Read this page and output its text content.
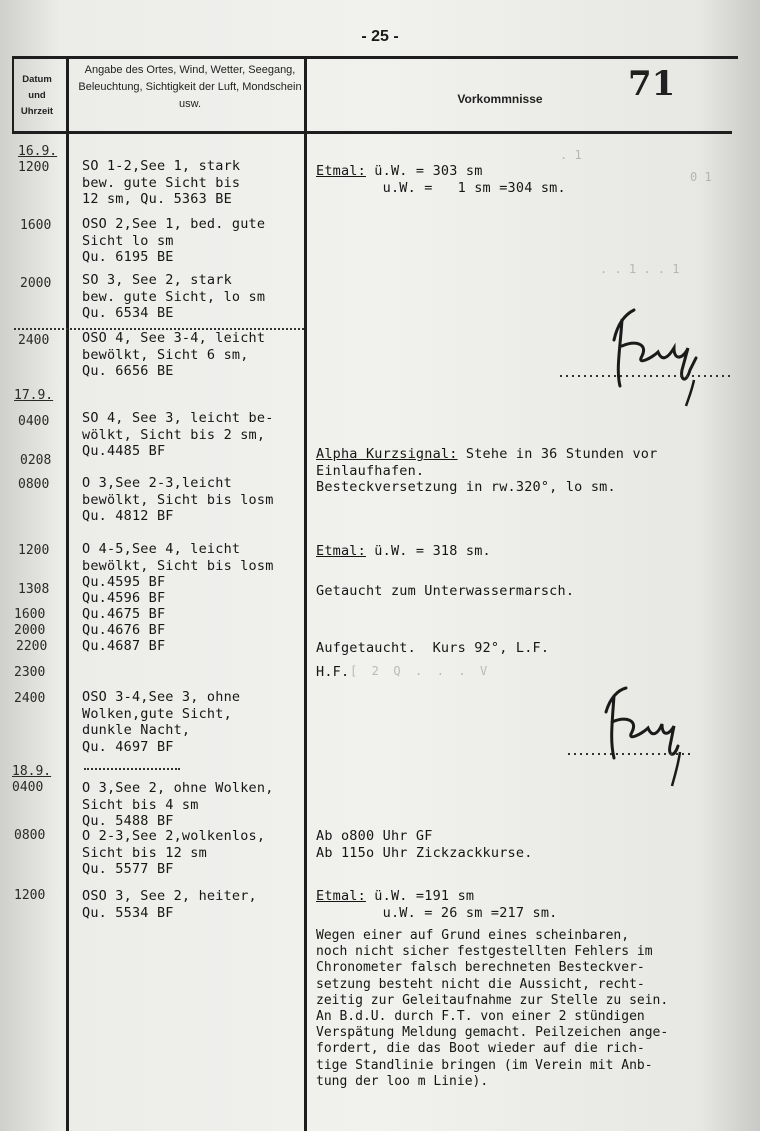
- 25 -
Datum und Uhrzeit
Angabe des Ortes, Wind, Wetter, Seegang, Beleuchtung, Sichtigkeit der Luft, Mondschein usw.	Vorkommnisse	71
. 1
0 1
. . 1 . . 1
16.9.
1200
1600
2000
2400
17.9.
0400
0208
0800
1200
1308
1600
2000
2200
2300
2400
18.9.
0400
0800
1200
SO 1-2,See 1, stark
bew. gute Sicht bis
12 sm, Qu. 5363 BE
OSO 2,See 1, bed. gute
Sicht lo sm
Qu. 6195 BE
SO 3, See 2, stark
bew. gute Sicht, lo sm
Qu. 6534 BE
OSO 4, See 3-4, leicht
bewölkt, Sicht 6 sm,
Qu. 6656 BE
SO 4, See 3, leicht be-
wölkt, Sicht bis 2 sm,
Qu.4485 BF
O 3,See 2-3,leicht
bewölkt, Sicht bis losm
Qu. 4812 BF
O 4-5,See 4, leicht
bewölkt, Sicht bis losm
Qu.4595 BF
Qu.4596 BF
Qu.4675 BF
Qu.4676 BF
Qu.4687 BF
OSO 3-4,See 3, ohne
Wolken,gute Sicht,
dunkle Nacht,
Qu. 4697 BF
O 3,See 2, ohne Wolken,
Sicht bis 4 sm
Qu. 5488 BF
O 2-3,See 2,wolkenlos,
Sicht bis 12 sm
Qu. 5577 BF
OSO 3, See 2, heiter,
Qu. 5534 BF
Etmal: ü.W. = 303 sm
u.W. =   1 sm =304 sm.
Alpha Kurzsignal: Stehe in 36 Stunden vor
Einlaufhafen.
Besteckversetzung in rw.320°, lo sm.
Etmal: ü.W. = 318 sm.
Getaucht zum Unterwassermarsch.
Aufgetaucht.  Kurs 92°, L.F.
H.F. [  2  Q  .  .  .  V
Ab o800 Uhr GF
Ab 115o Uhr Zickzackkurse.
Etmal: ü.W. =191 sm
u.W. = 26 sm =217 sm.
Wegen einer auf Grund eines scheinbaren,
noch nicht sicher festgestellten Fehlers im
Chronometer falsch berechneten Besteckver-
setzung besteht nicht die Aussicht, recht-
zeitig zur Geleitaufnahme zur Stelle zu sein.
An B.d.U. durch F.T. von einer 2 stündigen
Verspätung Meldung gemacht. Peilzeichen ange-
fordert, die das Boot wieder auf die rich-
tige Standlinie bringen (im Verein mit Anb-
tung der loo m Linie).
